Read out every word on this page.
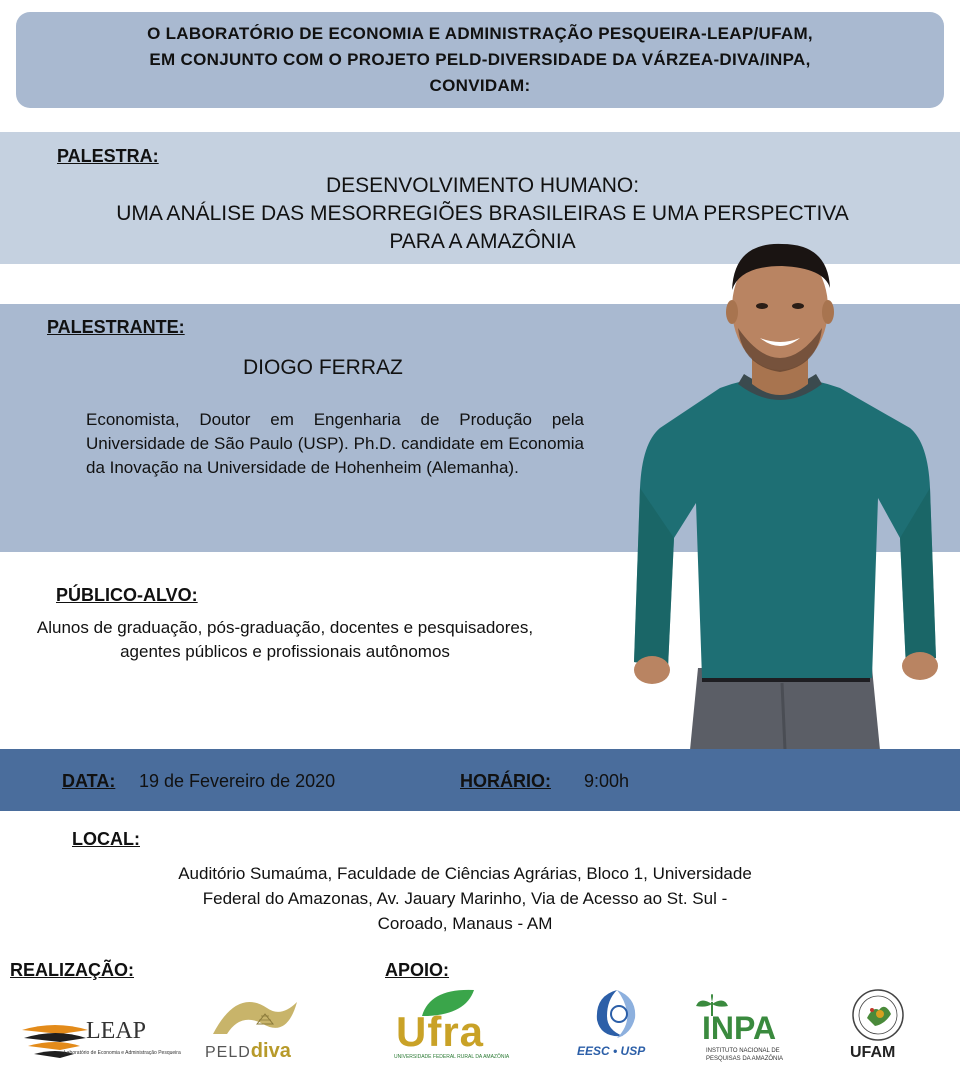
O LABORATÓRIO DE ECONOMIA E ADMINISTRAÇÃO PESQUEIRA-LEAP/UFAM,
EM CONJUNTO COM O PROJETO PELD-DIVERSIDADE DA VÁRZEA-DIVA/INPA,
CONVIDAM:
PALESTRA:
DESENVOLVIMENTO HUMANO:
UMA ANÁLISE DAS MESORREGIÕES BRASILEIRAS E UMA PERSPECTIVA
PARA A AMAZÔNIA
PALESTRANTE:
DIOGO FERRAZ
Economista, Doutor em Engenharia de Produção pela Universidade de São Paulo (USP). Ph.D. candidate em Economia da Inovação na Universidade de Hohenheim (Alemanha).
PÚBLICO-ALVO:
Alunos de graduação, pós-graduação, docentes e pesquisadores, agentes públicos e profissionais autônomos
DATA: 19 de Fevereiro de 2020	HORÁRIO: 9:00h
LOCAL:
Auditório Sumaúma, Faculdade de Ciências Agrárias, Bloco 1, Universidade
Federal do Amazonas, Av. Jauary Marinho, Via de Acesso ao St. Sul -
Coroado, Manaus - AM
REALIZAÇÃO:	APOIO:
LEAP
Laboratório de Economia e Administração Pesqueira PELDdiva	Ufra
UNIVERSIDADE FEDERAL RURAL DA AMAZÔNIA	EESC • USP
INPA
INSTITUTO NACIONAL DE
PESQUISAS DA AMAZÔNIA	UFAM
